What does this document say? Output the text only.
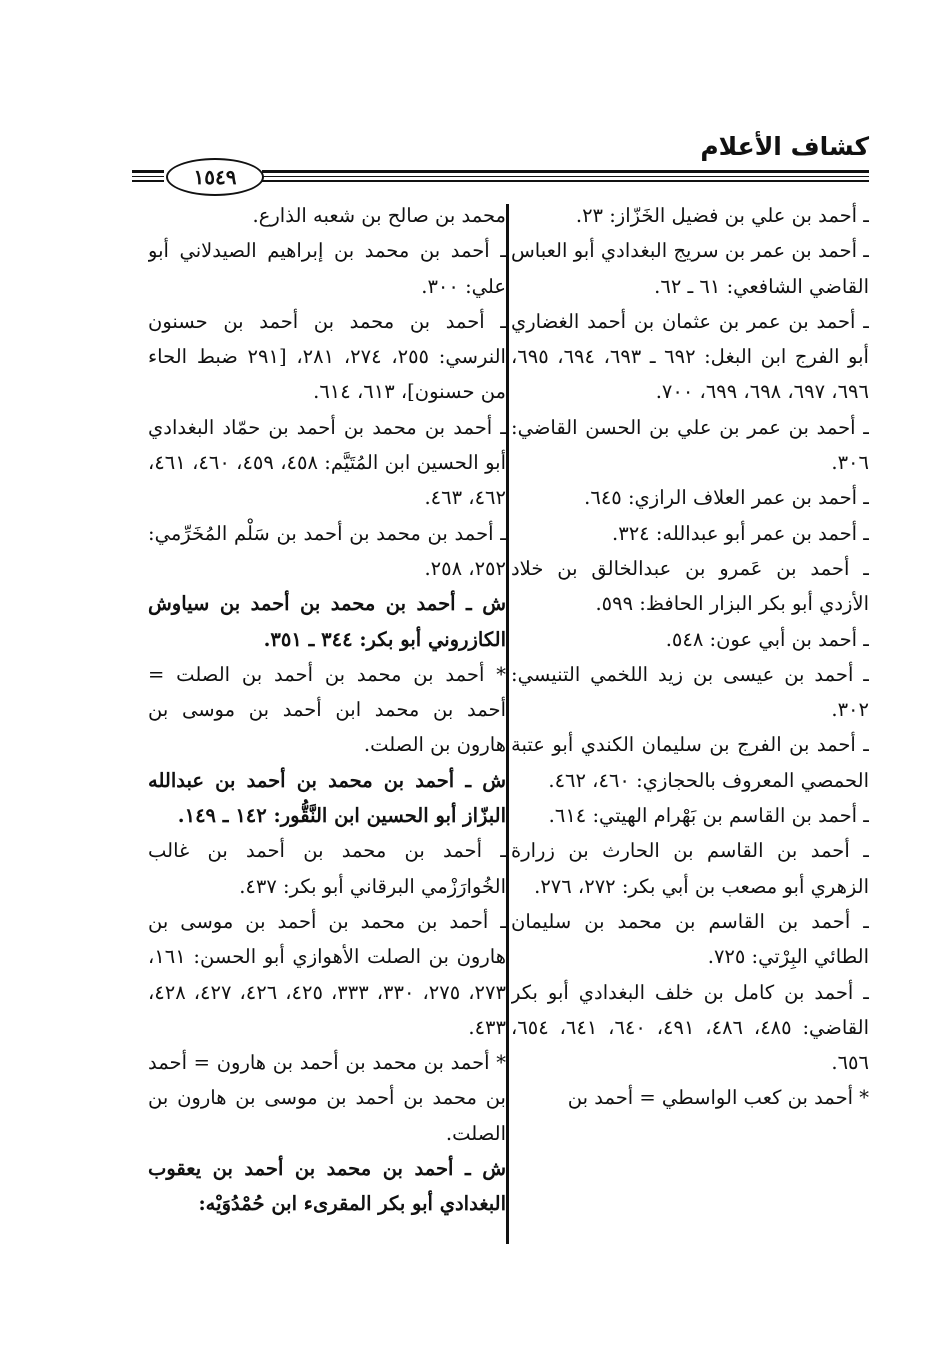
كشاف الأعلام
١٥٤٩

ـ أحمد بن علي بن فضيل الخَزّاز: ٢٣.

ـ أحمد بن عمر بن سريج البغدادي أبو العباس القاضي الشافعي: ٦١ ـ ٦٢.

ـ أحمد بن عمر بن عثمان بن أحمد الغضاري أبو الفرج ابن البغل: ٦٩٢ ـ ٦٩٣، ٦٩٤، ٦٩٥، ٦٩٦، ٦٩٧، ٦٩٨، ٦٩٩، ٧٠٠.

ـ أحمد بن عمر بن علي بن الحسن القاضي: ٣٠٦.

ـ أحمد بن عمر العلاف الرازي: ٦٤٥.

ـ أحمد بن عمر أبو عبدالله: ٣٢٤.

ـ أحمد بن عَمرو بن عبدالخالق بن خلاد الأزدي أبو بكر البزار الحافظ: ٥٩٩.

ـ أحمد بن أبي عون: ٥٤٨.

ـ أحمد بن عيسى بن زيد اللخمي التنيسي: ٣٠٢.

ـ أحمد بن الفرج بن سليمان الكندي أبو عتبة الحمصي المعروف بالحجازي: ٤٦٠، ٤٦٢.

ـ أحمد بن القاسم بن بَهْرام الهيتي: ٦١٤.

ـ أحمد بن القاسم بن الحارث بن زرارة الزهري أبو مصعب بن أبي بكر: ٢٧٢، ٢٧٦.

ـ أحمد بن القاسم بن محمد بن سليمان الطائي البِرْتي: ٧٢٥.

ـ أحمد بن كامل بن خلف البغدادي أبو بكر القاضي: ٤٨٥، ٤٨٦، ٤٩١، ٦٤٠، ٦٤١، ٦٥٤، ٦٥٦.

* أحمد بن كعب الواسطي = أحمد بن

محمد بن صالح بن شعبه الذارع.

ـ أحمد بن محمد بن إبراهيم الصيدلاني أبو علي: ٣٠٠.

ـ أحمد بن محمد بن أحمد بن حسنون النرسي: ٢٥٥، ٢٧٤، ٢٨١، [٢٩١ ضبط الحاء من حسنون]، ٦١٣، ٦١٤.

ـ أحمد بن محمد بن أحمد بن حمّاد البغدادي أبو الحسين ابن المُتَيَّم: ٤٥٨، ٤٥٩، ٤٦٠، ٤٦١، ٤٦٢، ٤٦٣.

ـ أحمد بن محمد بن أحمد بن سَلْم المُخَرِّمي: ٢٥٢، ٢٥٨.

ش ـ أحمد بن محمد بن أحمد بن سياوش الكازروني أبو بكر: ٣٤٤ ـ ٣٥١.

* أحمد بن محمد بن أحمد بن الصلت = أحمد بن محمد ابن أحمد بن موسى بن هارون بن الصلت.

ش ـ أحمد بن محمد بن أحمد بن عبدالله البزّاز أبو الحسين ابن النَّقُّور: ١٤٢ ـ ١٤٩.

ـ أحمد بن محمد بن أحمد بن غالب الخُوارَزْمي البرقاني أبو بكر: ٤٣٧.

ـ أحمد بن محمد بن أحمد بن موسى بن هارون بن الصلت الأهوازي أبو الحسن: ١٦١، ٢٧٣، ٢٧٥، ٣٣٠، ٣٣٣، ٤٢٥، ٤٢٦، ٤٢٧، ٤٢٨، ٤٣٣.

* أحمد بن محمد بن أحمد بن هارون = أحمد بن محمد بن أحمد بن موسى بن هارون بن الصلت.

ش ـ أحمد بن محمد بن أحمد بن يعقوب البغدادي أبو بكر المقرىء ابن حُمْدُوَيْه:
